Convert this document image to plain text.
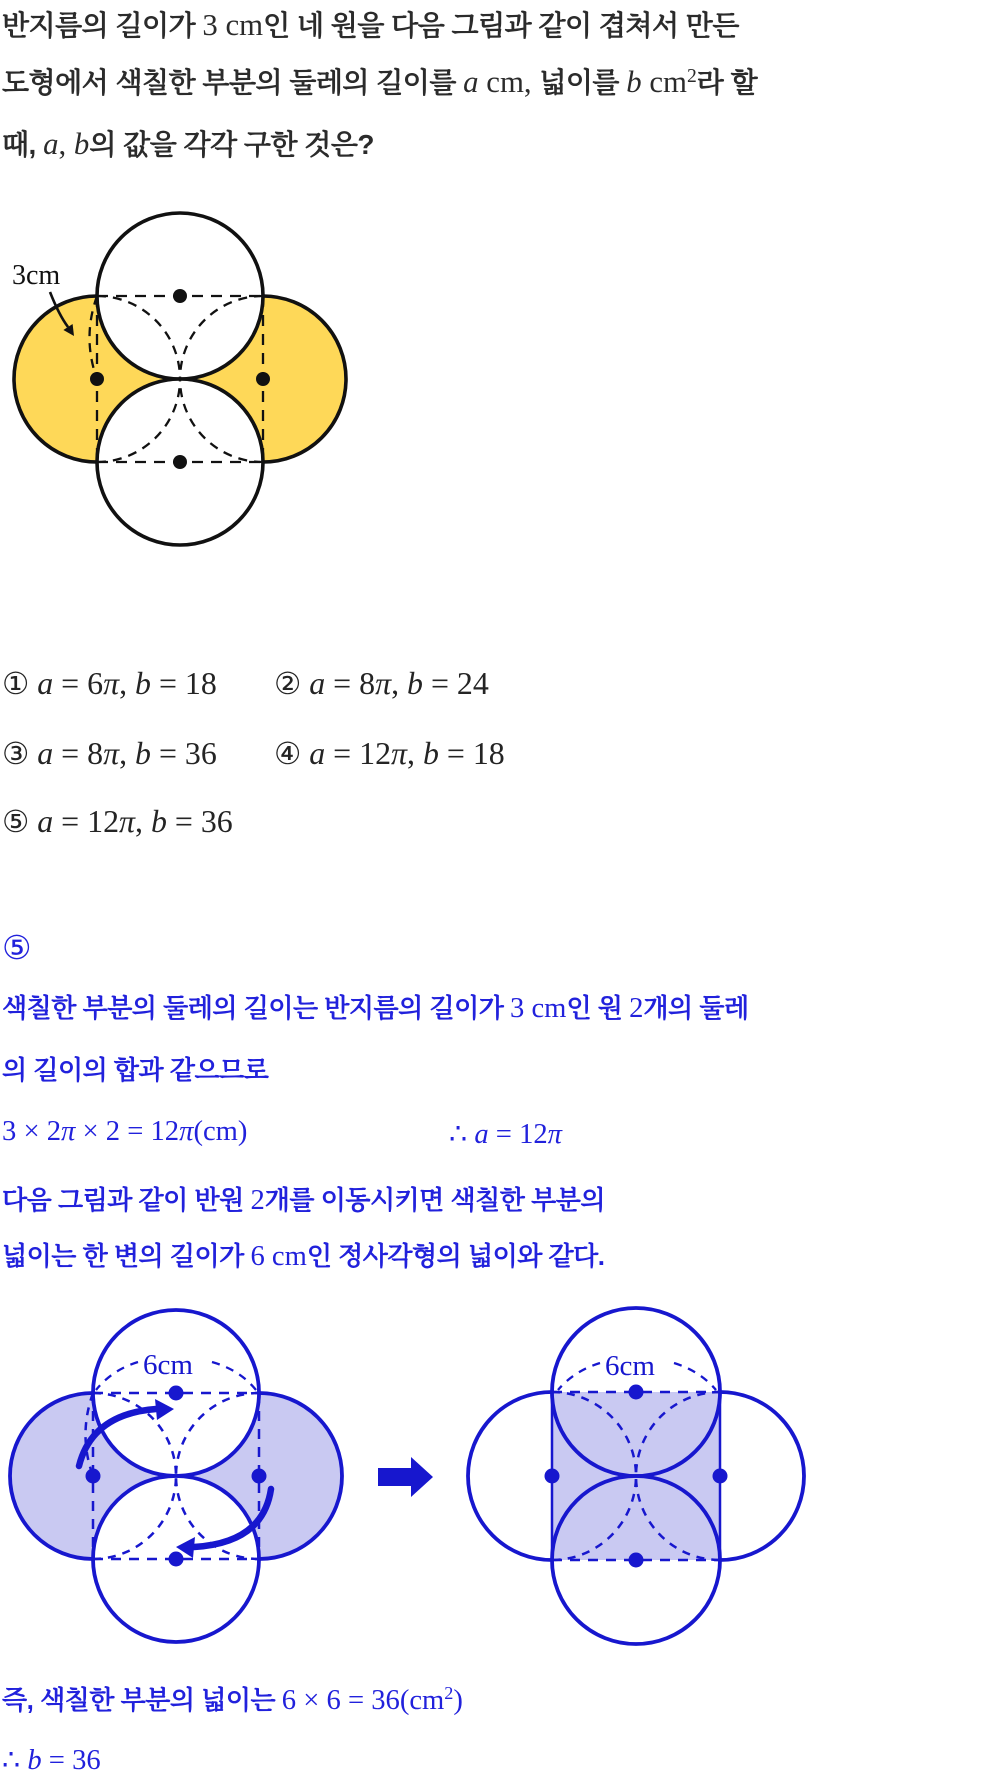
반지름의 길이가 3 cm인 네 원을 다음 그림과 같이 겹쳐서 만든
도형에서 색칠한 부분의 둘레의 길이를 a cm, 넓이를 b $cm^2$라 할
때, a, b의 값을 각각 구한 것은?
3cm
① a = 6π, b = 18 ② a = 8π, b = 24
③ a = 8π, b = 36 ④ a = 12π, b = 18
⑤ a = 12π, b = 36
⑤
색칠한 부분의 둘레의 길이는 반지름의 길이가 3 cm인 원 2개의 둘레
의 길이의 합과 같으므로
3 × 2π × 2 = 12π(cm)	∴ a = 12π
다음 그림과 같이 반원 2개를 이동시키면 색칠한 부분의
넓이는 한 변의 길이가 6 cm인 정사각형의 넓이와 같다.
6cm	6cm
즉, 색칠한 부분의 넓이는 $6 \times 6 = 36(cm^2)$
∴ b = 36
